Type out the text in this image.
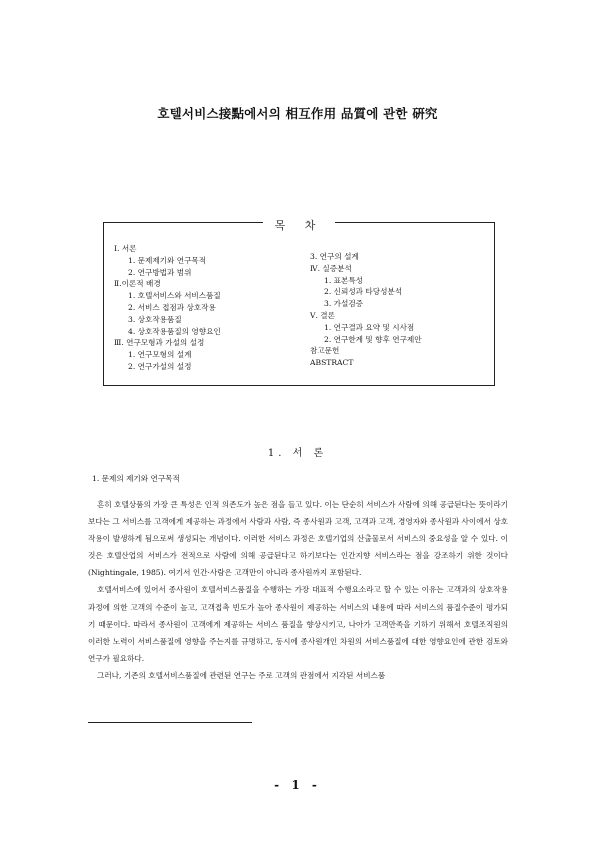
호텔서비스接點에서의 相互作用 品質에 관한 硏究
목 차
Ⅰ. 서론
1. 문제제기와 연구목적
2. 연구방법과 범위
Ⅱ.이론적 배경
1. 호텔서비스와 서비스품질
2. 서비스 접점과 상호작용
3. 상호작용품질
4. 상호작용품질의 영향요인
Ⅲ. 연구모형과 가설의 설정
1. 연구모형의 설계
2. 연구가설의 설정
3. 연구의 설계
Ⅳ. 실증분석
1. 표본특성
2. 신뢰성과 타당성분석
3. 가설검증
Ⅴ. 결론
1. 연구결과 요약 및 시사점
2. 연구한계 및 향후 연구제안
참고문헌
ABSTRACT
1. 서 론
1. 문제의 제기와 연구목적

흔히 호텔상품의 가장 큰 특성은 인적 의존도가 높은 점을 들고 있다. 이는 단순히 서비스가 사람에 의해 공급된다는 뜻이라기보다는 그 서비스를 고객에게 제공하는 과정에서 사람과 사람, 즉 종사원과 고객, 고객과 고객, 경영자와 종사원과 사이에서 상호작용이 발생하게 됨으로써 생성되는 개념이다. 이러한 서비스 과정은 호텔기업의 산출물로서 서비스의 중요성을 알 수 있다. 이것은 호텔산업의 서비스가 전적으로 사람에 의해 공급된다고 하기보다는 인간지향 서비스라는 점을 강조하기 위한 것이다(Nightingale, 1985). 여기서 인간·사람은 고객만이 아니라 종사원까지 포함된다.

호텔서비스에 있어서 종사원이 호텔서비스품질을 수행하는 가장 대표적 수행요소라고 할 수 있는 이유는 고객과의 상호작용 과정에 의한 고객의 수준이 높고, 고객접촉 빈도가 높아 종사원이 제공하는 서비스의 내용에 따라 서비스의 품질수준이 평가되기 때문이다. 따라서 종사원이 고객에게 제공하는 서비스 품질을 향상시키고, 나아가 고객만족을 기하기 위해서 호텔조직원의 이러한 노력이 서비스품질에 영향을 주는지를 규명하고, 동시에 종사원개인 차원의 서비스품질에 대한 영향요인에 관한 검토와 연구가 필요하다.

그러나, 기존의 호텔서비스품질에 관련된 연구는 주로 고객의 관점에서 지각된 서비스품

- 1 -
